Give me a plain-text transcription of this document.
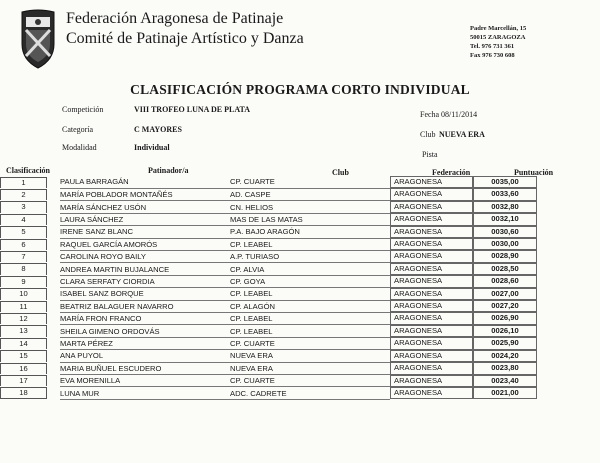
Federación Aragonesa de Patinaje
Comité de Patinaje Artístico y Danza
Padre Marcellán, 15
50015 ZARAGOZA
Tel. 976 731 361
Fax 976 730 608
CLASIFICACIÓN PROGRAMA CORTO INDIVIDUAL
Competición	VIII TROFEO LUNA DE PLATA
Fecha 08/11/2014
Categoría	C MAYORES
Club NUEVA ERA
Modalidad	Individual
Pista
Clasificación	Patinador/a	Club	Federación	Puntuación
1	PAULA BARRAGÁN	CP. CUARTE	ARAGONESA	0035,00

2	MARÍA POBLADOR MONTAÑÉS	AD. CASPE	ARAGONESA	0033,60

3	MARÍA SÁNCHEZ USÓN	CN. HELIOS	ARAGONESA	0032,80

4	LAURA SÁNCHEZ	MAS DE LAS MATAS	ARAGONESA	0032,10

5	IRENE SANZ BLANC	P.A. BAJO ARAGÓN	ARAGONESA	0030,60

6	RAQUEL GARCÍA AMORÓS	CP. LEABEL	ARAGONESA	0030,00

7	CAROLINA ROYO BAILY	A.P. TURIASO	ARAGONESA	0028,90

8	ANDREA MARTIN BUJALANCE	CP. ALVIA	ARAGONESA	0028,50

9	CLARA SERFATY CIORDIA	CP. GOYA	ARAGONESA	0028,60

10	ISABEL SANZ BORQUE	CP. LEABEL	ARAGONESA	0027,00

11	BEATRIZ BALAGUER NAVARRO	CP. ALAGÓN	ARAGONESA	0027,20

12	MARÍA FRON FRANCO	CP. LEABEL	ARAGONESA	0026,90

13	SHEILA GIMENO ORDOVÁS	CP. LEABEL	ARAGONESA	0026,10

14	MARTA PÉREZ	CP. CUARTE	ARAGONESA	0025,90

15	ANA PUYOL	NUEVA ERA	ARAGONESA	0024,20

16	MARIA BUÑUEL ESCUDERO	NUEVA ERA	ARAGONESA	0023,80

17	EVA MORENILLA	CP. CUARTE	ARAGONESA	0023,40

18	LUNA MUR	ADC. CADRETE	ARAGONESA	0021,00
